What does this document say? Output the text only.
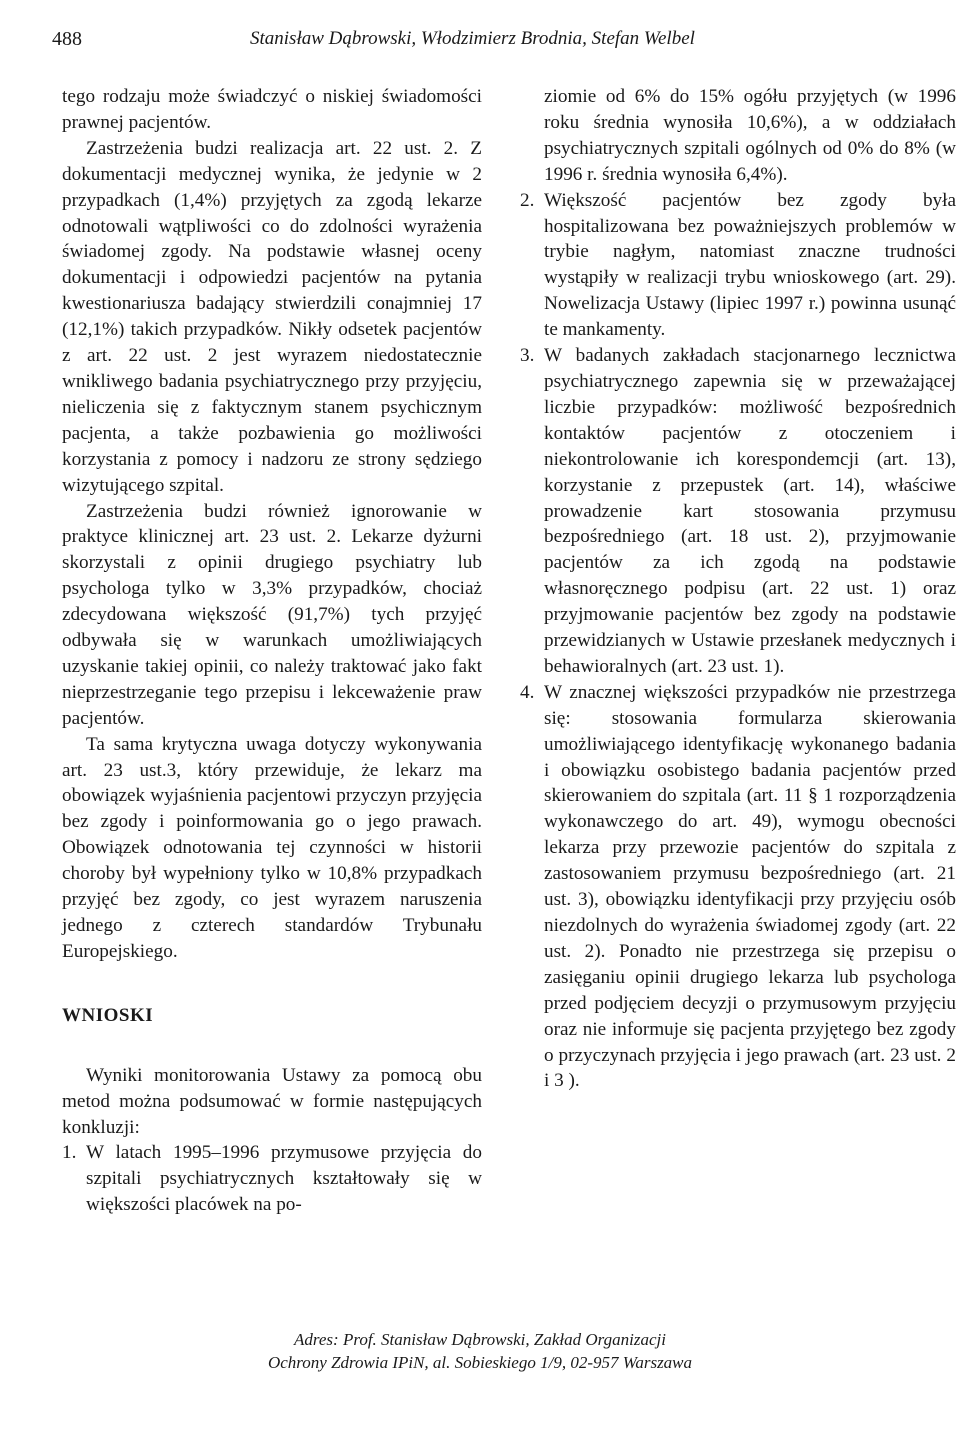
488	Stanisław Dąbrowski, Włodzimierz Brodnia, Stefan Welbel

tego rodzaju może świadczyć o niskiej świadomości prawnej pacjentów.

Zastrzeżenia budzi realizacja art. 22 ust. 2. Z dokumentacji medycznej wynika, że jedynie w 2 przypadkach (1,4%) przyjętych za zgodą lekarze odnotowali wątpliwości co do zdolności wyrażenia świadomej zgody. Na podstawie własnej oceny dokumentacji i odpowiedzi pacjentów na pytania kwestionariusza badający stwierdzili conajmniej 17 (12,1%) takich przypadków. Nikły odsetek pacjentów z art. 22 ust. 2 jest wyrazem niedostatecznie wnikliwego badania psychiatrycznego przy przyjęciu, nieliczenia się z faktycznym stanem psychicznym pacjenta, a także pozbawienia go możliwości korzystania z pomocy i nadzoru ze strony sędziego wizytującego szpital.

Zastrzeżenia budzi również ignorowanie w praktyce klinicznej art. 23 ust. 2. Lekarze dyżurni skorzystali z opinii drugiego psychiatry lub psychologa tylko w 3,3% przypadków, chociaż zdecydowana większość (91,7%) tych przyjęć odbywała się w warunkach umożliwiających uzyskanie takiej opinii, co należy traktować jako fakt nieprzestrzeganie tego przepisu i lekceważenie praw pacjentów.

Ta sama krytyczna uwaga dotyczy wykonywania art. 23 ust.3, który przewiduje, że lekarz ma obowiązek wyjaśnienia pacjentowi przyczyn przyjęcia bez zgody i poinformowania go o jego prawach. Obowiązek odnotowania tej czynności w historii choroby był wypełniony tylko w 10,8% przypadkach przyjęć bez zgody, co jest wyrazem naruszenia jednego z czterech standardów Trybunału Europejskiego.

WNIOSKI

Wyniki monitorowania Ustawy za pomocą obu metod można podsumować w formie następujących konkluzji:

1. W latach 1995–1996 przymusowe przyjęcia do szpitali psychiatrycznych kształtowały się w większości placówek na po-
ziomie od 6% do 15% ogółu przyjętych (w 1996 roku średnia wynosiła 10,6%), a w oddziałach psychiatrycznych szpitali ogólnych od 0% do 8% (w 1996 r. średnia wynosiła 6,4%).
2. Większość pacjentów bez zgody była hospitalizowana bez poważniejszych problemów w trybie nagłym, natomiast znaczne trudności wystąpiły w realizacji trybu wnioskowego (art. 29). Nowelizacja Ustawy (lipiec 1997 r.) powinna usunąć te mankamenty.
3. W badanych zakładach stacjonarnego lecznictwa psychiatrycznego zapewnia się w przeważającej liczbie przypadków: możliwość bezpośrednich kontaktów pacjentów z otoczeniem i niekontrolowanie ich korespondemcji (art. 13), korzystanie z przepustek (art. 14), właściwe prowadzenie kart stosowania przymusu bezpośredniego (art. 18 ust. 2), przyjmowanie pacjentów za ich zgodą na podstawie własnoręcznego podpisu (art. 22 ust. 1) oraz przyjmowanie pacjentów bez zgody na podstawie przewidzianych w Ustawie przesłanek medycznych i behawioralnych (art. 23 ust. 1).
4. W znacznej większości przypadków nie przestrzega się: stosowania formularza skierowania umożliwiającego identyfikację wykonanego badania i obowiązku osobistego badania pacjentów przed skierowaniem do szpitala (art. 11 § 1 rozporządzenia wykonawczego do art. 49), wymogu obecności lekarza przy przewozie pacjentów do szpitala z zastosowaniem przymusu bezpośredniego (art. 21 ust. 3), obowiązku identyfikacji przy przyjęciu osób niezdolnych do wyrażenia świadomej zgody (art. 22 ust. 2). Ponadto nie przestrzega się przepisu o zasięganiu opinii drugiego lekarza lub psychologa przed podjęciem decyzji o przymusowym przyjęciu oraz nie informuje się pacjenta przyjętego bez zgody o przyczynach przyjęcia i jego prawach (art. 23 ust. 2 i 3 ).
Adres: Prof. Stanisław Dąbrowski, Zakład Organizacji
Ochrony Zdrowia IPiN, al. Sobieskiego 1/9, 02-957 Warszawa
